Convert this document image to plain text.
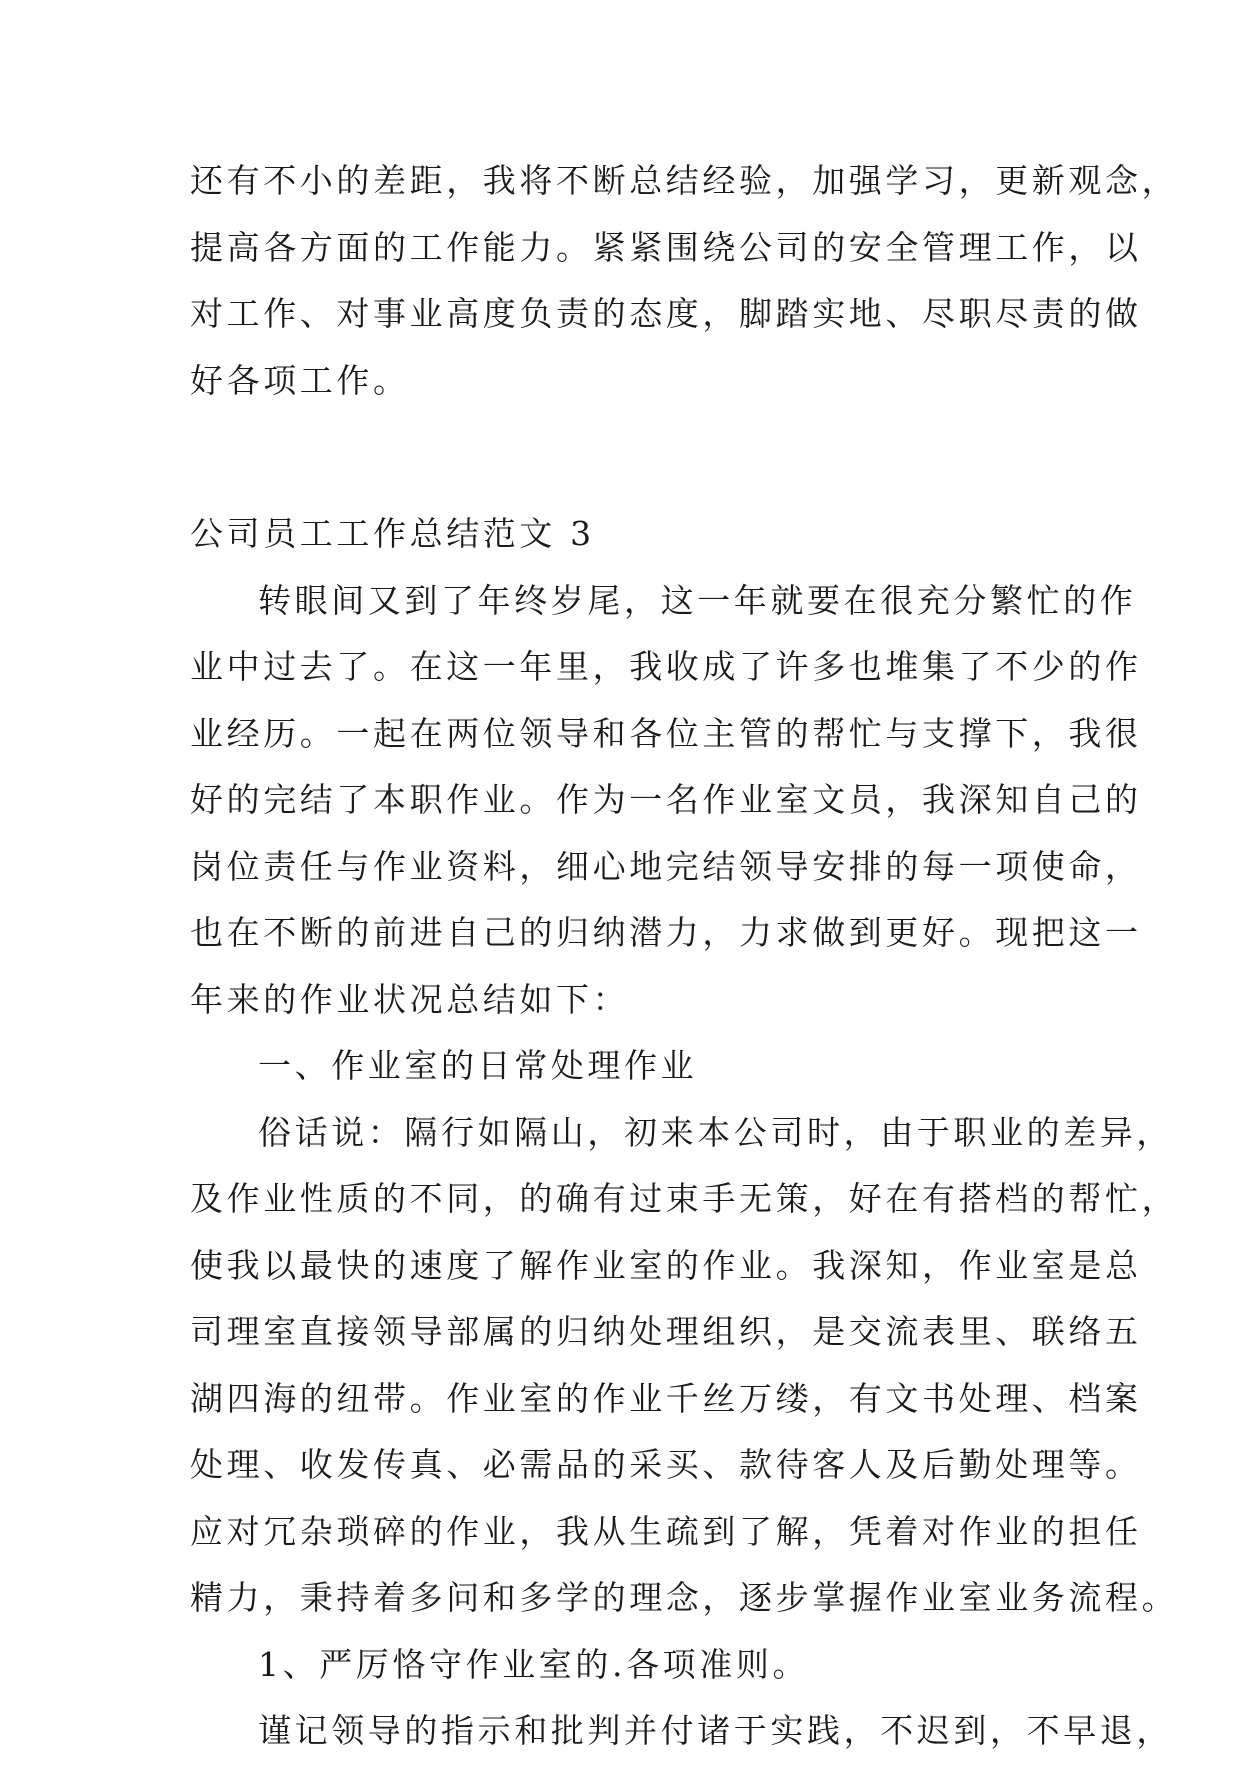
还有不小的差距，我将不断总结经验，加强学习，更新观念，
提高各方面的工作能力。紧紧围绕公司的安全管理工作，以
对工作、对事业高度负责的态度，脚踏实地、尽职尽责的做
好各项工作。
公司员工工作总结范文 3
转眼间又到了年终岁尾，这一年就要在很充分繁忙的作
业中过去了。在这一年里，我收成了许多也堆集了不少的作
业经历。一起在两位领导和各位主管的帮忙与支撑下，我很
好的完结了本职作业。作为一名作业室文员，我深知自己的
岗位责任与作业资料，细心地完结领导安排的每一项使命，
也在不断的前进自己的归纳潜力，力求做到更好。现把这一
年来的作业状况总结如下：
一、作业室的日常处理作业
俗话说：隔行如隔山，初来本公司时，由于职业的差异，
及作业性质的不同，的确有过束手无策，好在有搭档的帮忙，
使我以最快的速度了解作业室的作业。我深知，作业室是总
司理室直接领导部属的归纳处理组织，是交流表里、联络五
湖四海的纽带。作业室的作业千丝万缕，有文书处理、档案
处理、收发传真、必需品的采买、款待客人及后勤处理等。
应对冗杂琐碎的作业，我从生疏到了解，凭着对作业的担任
精力，秉持着多问和多学的理念，逐步掌握作业室业务流程。
1、严厉恪守作业室的.各项准则。
谨记领导的指示和批判并付诸于实践，不迟到，不早退，
